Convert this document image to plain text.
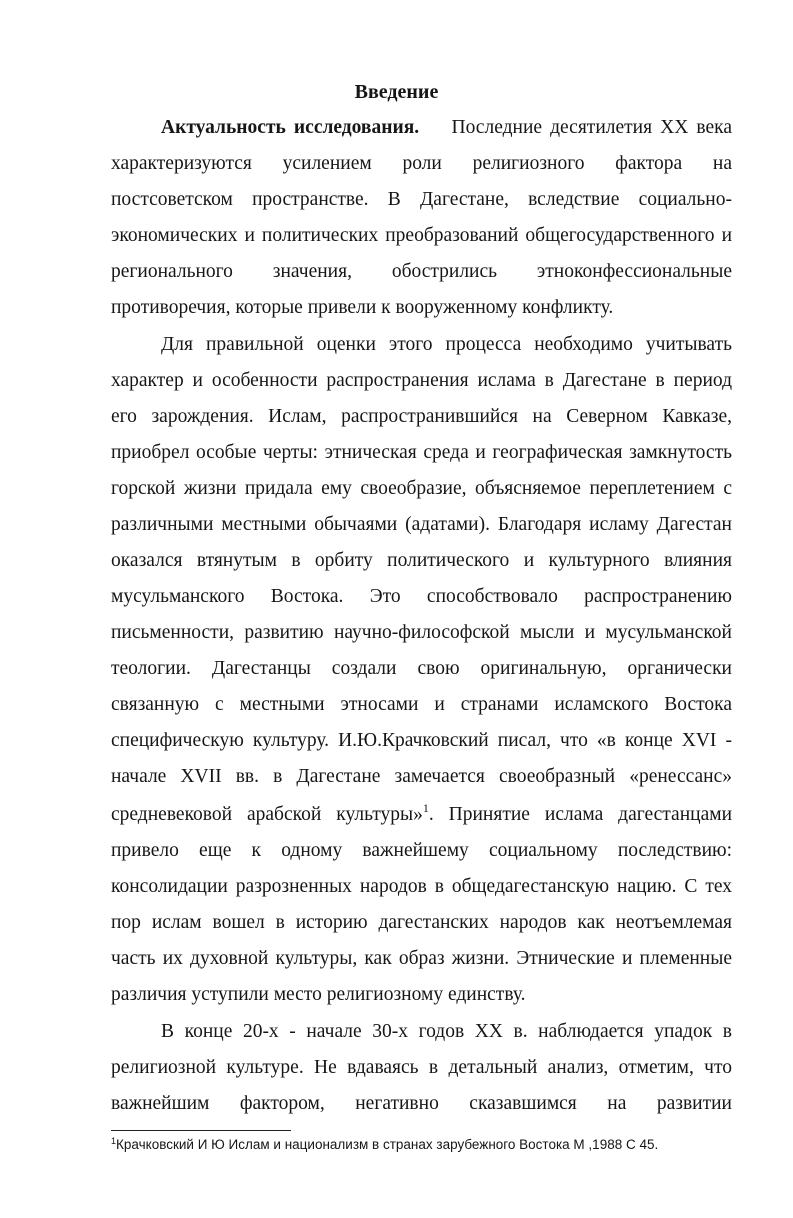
Введение
Актуальность исследования. Последние десятилетия XX века
характеризуются усилением роли религиозного фактора на
постсоветском пространстве. В Дагестане, вследствие социально-
экономических и политических преобразований общегосударственного и
регионального значения, обострились этноконфессиональные
противоречия, которые привели к вооруженному конфликту.
Для правильной оценки этого процесса необходимо учитывать
характер и особенности распространения ислама в Дагестане в период
его зарождения. Ислам, распространившийся на Северном Кавказе,
приобрел особые черты: этническая среда и географическая замкнутость
горской жизни придала ему своеобразие, объясняемое переплетением с
различными местными обычаями (адатами). Благодаря исламу Дагестан
оказался втянутым в орбиту политического и культурного влияния
мусульманского Востока. Это способствовало распространению
письменности, развитию научно-философской мысли и мусульманской
теологии. Дагестанцы создали свою оригинальную, органически
связанную с местными этносами и странами исламского Востока
специфическую культуру. И.Ю.Крачковский писал, что «в конце XVI -
начале XVII вв. в Дагестане замечается своеобразный «ренессанс»
средневековой арабской культуры»$^1$. Принятие ислама дагестанцами
привело еще к одному важнейшему социальному последствию:
консолидации разрозненных народов в общедагестанскую нацию. С тех
пор ислам вошел в историю дагестанских народов как неотъемлемая
часть их духовной культуры, как образ жизни. Этнические и племенные
различия уступили место религиозному единству.
В конце 20-х - начале 30-х годов XX в. наблюдается упадок в
религиозной культуре. Не вдаваясь в детальный анализ, отметим, что
важнейшим фактором, негативно сказавшимся на развитии
$^1$Крачковский И Ю Ислам и национализм в странах зарубежного Востока М ,1988 С 45.
